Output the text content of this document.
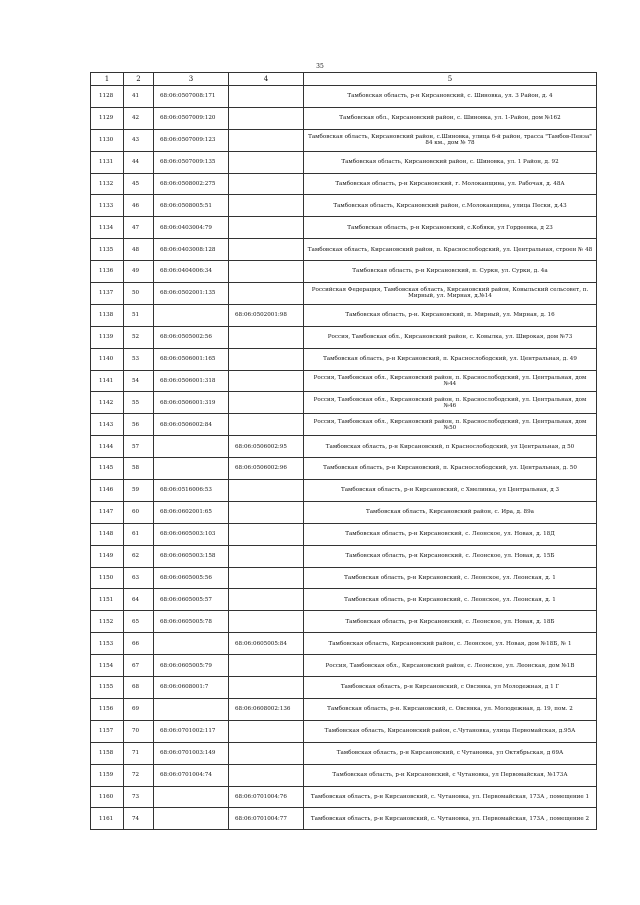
35
1	2	3	4	5
1128	41	68:06:0507008:171		Тамбовская область, р-н Кирсановский, с. Шиновка, ул. 3 Район, д. 4
1129	42	68:06:0507009:120		Тамбовская обл., Кирсановский район, с. Шиновка, ул. 1-Район, дом №162
1130	43	68:06:0507009:123		Тамбовская область, Кирсановский район, с.Шиновка, улица 6-й район, трасса "Тамбов-Пенза" 84 км., дом № 78
1131	44	68:06:0507009:135		Тамбовская область, Кирсановский район, с. Шиновка, ул. 1 Район, д. 92
1132	45	68:06:0508002:275		Тамбовская область, р-н Кирсановский, г. Молоканщина, ул. Рабочая, д. 48А
1133	46	68:06:0508005:51		Тамбовская область, Кирсановский район, с.Молоканщина, улица Пески, д.43
1134	47	68:06:0403004:79		Тамбовская область, р-н Кирсановский, с.Кобяки, ул Гордеевка, д 23
1135	48	68:06:0403008:128		Тамбовская область, Кирсановский район, п. Краснослободский, ул. Центральная, строен № 48
1136	49	68:06:0404006:34		Тамбовская область, р-н Кирсановский, п. Суркн, ул. Сурки, д. 4а
1137	50	68:06:0502001:135		Российская Федерация, Тамбовская область, Кирсановский район, Ковыльский сельсовет, п. Мирный, ул. Мирная, д.№14
1138	51		68:06:0502001:98	Тамбовская область, р-н. Кирсановский, п. Мирный, ул. Мирная, д. 16
1139	52	68:06:0505002:56		Россия, Тамбовская обл., Кирсановский район, с. Ковылка, ул. Широкая, дом №73
1140	53	68:06:0506001:165		Тамбовская область, р-н Кирсановский, п. Краснослободский, ул. Центральная, д. 49
1141	54	68:06:0506001:318		Россия, Тамбовская обл., Кирсановский район, п. Краснослободский, ул. Центральная, дом №44
1142	55	68:06:0506001:319		Россия, Тамбовская обл., Кирсановский район, п. Краснослободский, ул. Центральная, дом №46
1143	56	68:06:0506002:84		Россия, Тамбовская обл., Кирсановский район, п. Краснослободский, ул. Центральная, дом №50
1144	57		68:06:0506002:95	Тамбовская область, р-н Кирсановский, п Краснослободский, ул Центральная, д 50
1145	58		68:06:0506002:96	Тамбовская область, р-н Кирсановский, п. Краснослободский, ул. Центральная, д. 50
1146	59	68:06:0516006:53		Тамбовская область, р-н Кирсановский, с Хмелинка, ул Центральная, д 3
1147	60	68:06:0602001:65		Тамбовская область, Кирсановский район, с. Ира, д. 89а
1148	61	68:06:0605003:103		Тамбовская область, р-н Кирсановский, с. Леонское, ул. Новая, д. 18Д
1149	62	68:06:0605003:158		Тамбовская область, р-н Кирсановский, с. Леонское, ул. Новая, д. 15Б
1150	63	68:06:0605005:56		Тамбовская область, р-н Кирсановский, с. Леонское, ул. Леонская, д. 1
1151	64	68:06:0605005:57		Тамбовская область, р-н Кирсановский, с. Леонское, ул. Леонская, д. 1
1152	65	68:06:0605005:78		Тамбовская область, р-н Кирсановский, с. Леонское, ул. Новая, д. 18Б
1153	66		68:06:0605005:84	Тамбовская область, Кирсановский район, с. Леонское, ул. Новая, дом №18Б, № 1
1154	67	68:06:0605005:79		Россия, Тамбовская обл., Кирсановский район, с. Леонское, ул. Леонская, дом №1В
1155	68	68:06:0608001:7		Тамбовская область, р-н Кирсановский, с Овсянка, ул Молодежная, д 1 Г
1156	69		68:06:0608002:136	Тамбовская область, р-н. Кирсановский, с. Овсянка, ул. Молодежная, д. 19, пом. 2
1157	70	68:06:0701002:117		Тамбовская область, Кирсановский район, с.Чутановка, улица Первомайская, д.95А
1158	71	68:06:0701003:149		Тамбовская область, р-н Кирсановский, с Чутановка, ул Октябрьская, д 69А
1159	72	68:06:0701004:74		Тамбовская область, р-н Кирсановский, с Чутановка, ул Первомайская, №173А
1160	73		68:06:0701004:76	Тамбовская область, р-н Кирсановский, с. Чутановка, ул. Первомайская, 173А , помещение 1
1161	74		68:06:0701004:77	Тамбовская область, р-н Кирсановский, с. Чутановка, ул. Первомайская, 173А , помещение 2
